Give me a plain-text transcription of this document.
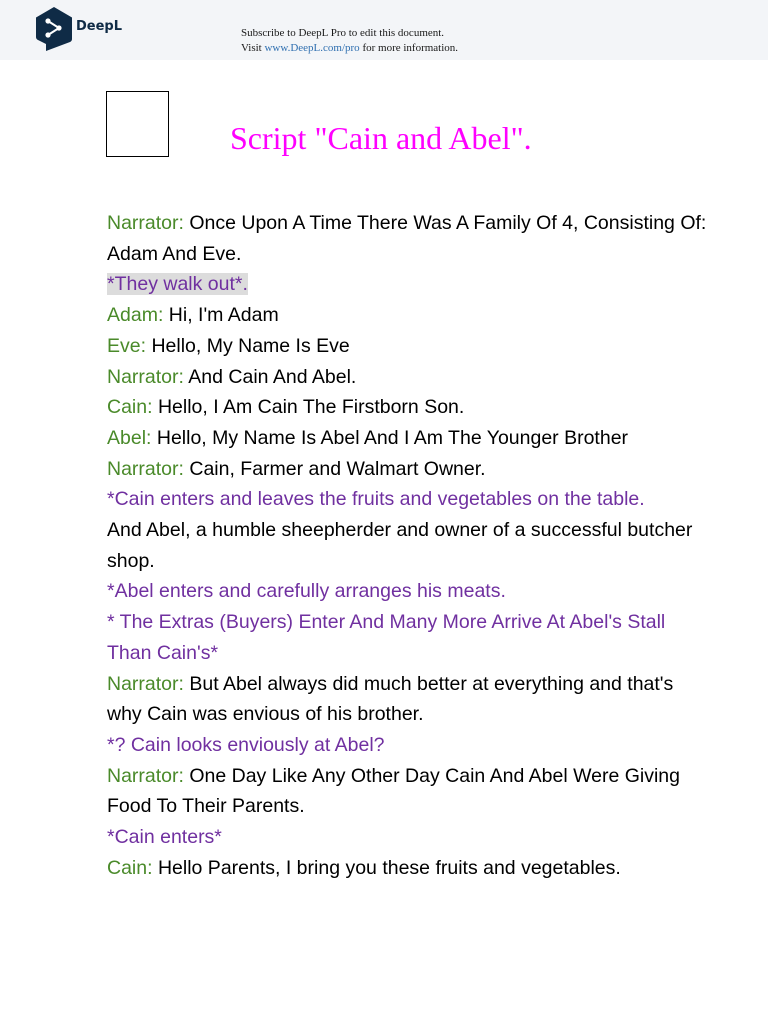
DeepL	Subscribe to DeepL Pro to edit this document.
Visit www.DeepL.com/pro for more information.
Script "Cain and Abel".

Narrator: Once Upon A Time There Was A Family Of 4, Consisting Of: Adam And Eve.

*They walk out*.

Adam: Hi, I'm Adam

Eve: Hello, My Name Is Eve

Narrator: And Cain And Abel.

Cain: Hello, I Am Cain The Firstborn Son.

Abel: Hello, My Name Is Abel And I Am The Younger Brother

Narrator: Cain, Farmer and Walmart Owner.

*Cain enters and leaves the fruits and vegetables on the table.

And Abel, a humble sheepherder and owner of a successful butcher shop.

*Abel enters and carefully arranges his meats.

* The Extras (Buyers) Enter And Many More Arrive At Abel's Stall Than Cain's*

Narrator: But Abel always did much better at everything and that's why Cain was envious of his brother.

*? Cain looks enviously at Abel?

Narrator: One Day Like Any Other Day Cain And Abel Were Giving Food To Their Parents.

*Cain enters*

Cain: Hello Parents, I bring you these fruits and vegetables.
